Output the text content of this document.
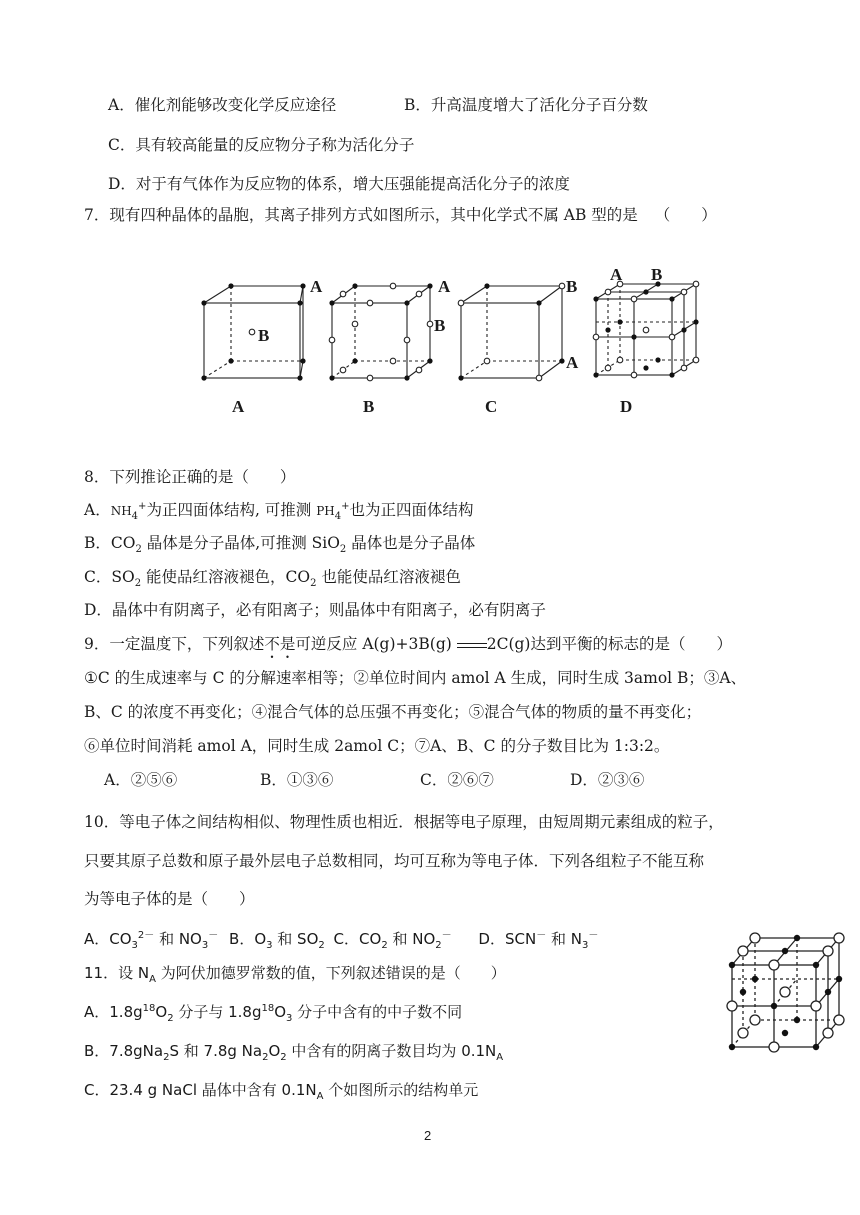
A．催化剂能够改变化学反应途径	B．升高温度增大了活化分子百分数
C．具有较高能量的反应物分子称为活化分子
D．对于有气体作为反应物的体系，增大压强能提高活化分子的浓度
7．现有四种晶体的晶胞，其离子排列方式如图所示，其中化学式不属 AB 型的是 （　　）
A
B
A
B
B
A
A B
A	B	C	D
8．下列推论正确的是（　　）
A．$NH_4^+$为正四面体结构, 可推测 $PH_4^+$也为正四面体结构
B．$CO_2$ 晶体是分子晶体,可推测 SiO$_2$ 晶体也是分子晶体
C．$SO_2$ 能使品红溶液褪色，$CO_2$ 也能使品红溶液褪色
D．晶体中有阴离子，必有阳离子；则晶体中有阳离子，必有阴离子
9．一定温度下，下列叙述不是可逆反应 A(g)+3B(g) 2C(g)达到平衡的标志的是（　　）
①C 的生成速率与 C 的分解速率相等；②单位时间内 amol A 生成，同时生成 3amol B；③A、
B、C 的浓度不再变化；④混合气体的总压强不再变化；⑤混合气体的物质的量不再变化；
⑥单位时间消耗 amol A，同时生成 2amol C；⑦A、B、C 的分子数目比为 1:3:2。
A．②⑤⑥	B．①③⑥	C．②⑥⑦	D．②③⑥
10．等电子体之间结构相似、物理性质也相近．根据等电子原理，由短周期元素组成的粒子，
只要其原子总数和原子最外层电子总数相同，均可互称为等电子体．下列各组粒子不能互称
为等电子体的是（　　）
A．$CO_3^{2-}$ 和 $NO_3^-$ B．$O_3$ 和 $SO_2$ C．$CO_2$ 和 $NO_2^-$ D．SCN－ 和 $N_3^-$
11．设 $N_A$ 为阿伏加德罗常数的值，下列叙述错误的是（　　）
A．$1.8g^{18}O_2$ 分子与 $1.8g^{18}O_3$ 分子中含有的中子数不同
B．7.8gNa$_2$S 和 7.8g $Na_2O_2$ 中含有的阴离子数目均为 $0.1N_A$
C．23.4 g NaCl 晶体中含有 $0.1N_A$ 个如图所示的结构单元
2
